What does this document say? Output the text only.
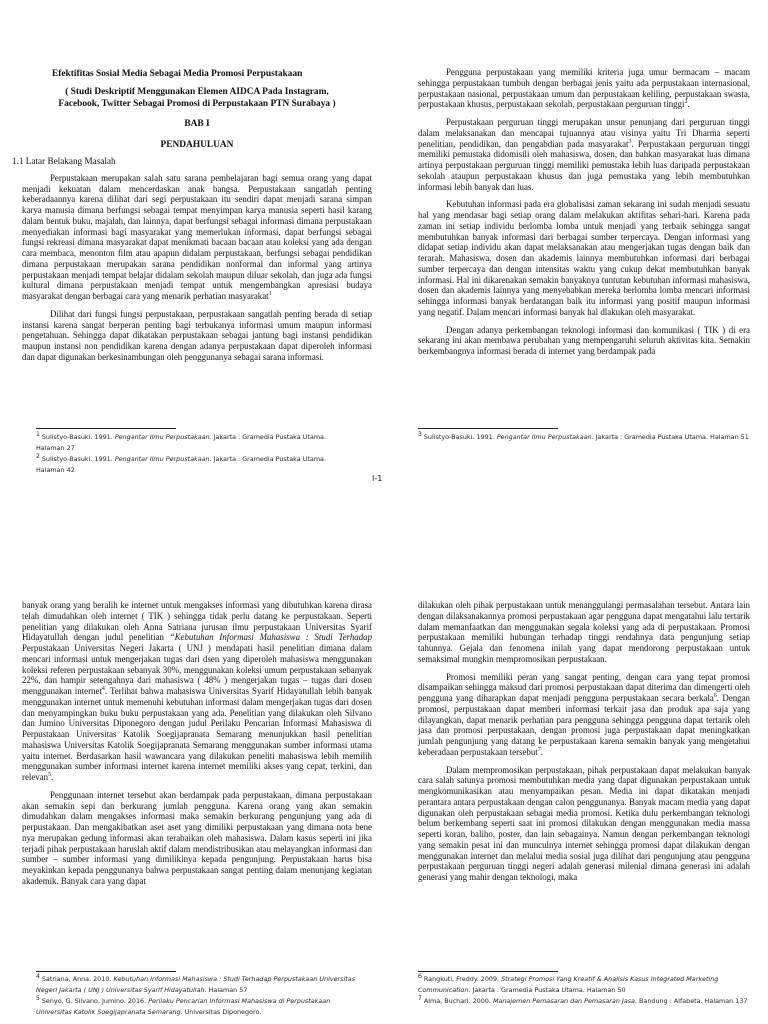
Efektifitas Sosial Media Sebagai Media Promosi Perpustakaan

( Studi Deskriptif Menggunakan Elemen AIDCA Pada Instagram,

Facebook, Twitter Sebagai Promosi di Perpustakaan PTN Surabaya )

BAB I

PENDAHULUAN

1.1 Latar Belakang Masalah

Perpustakaan merupakan salah satu sarana pembelajaran bagi semua orang yang dapat menjadi kekuatan dalam mencerdaskan anak bangsa. Perpustakaan sangatlah penting keberadaannya karena dilihat dari segi perpustakaan itu sendiri dapat menjadi sarana simpan karya manusia dimana berfungsi sebagai tempat menyimpan karya manusia seperti hasil karang dalam bentuk buku, majalah, dan lainnya, dapat berfungsi sebagai informasi dimana perpustakaan menyediakan informasi bagi masyarakat yang memerlukan informasi, dapat berfungsi sebagai fungsi rekreasi dimana masyarakat dapat menikmati bacaan bacaan atau koleksi yang ada dengan cara membaca, menonton film atau apapun didalam perpustakaan, berfungsi sebagai pendidikan dimana perpustakaan merupakan sarana pendidikan nonformal dan informal yang artinya perpustakaan menjadi tempat belajar didalam sekolah maupun diluar sekolah, dan juga ada fungsi kultural dimana perpustakaan menjadi tempat untuk mengembangkan apresiasi budaya masyarakat dengan berbagai cara yang menarik perhatian masyarakat$^1$

Dilihat dari fungsi fungsi perpustakaan, perpustakaan sangatlah penting berada di setiap instansi karena sangat berperan penting bagi terbukanya informasi umum maupun informasi pengetahuan. Sehingga dapat dikatakan perpustakaan sebagai jantung bagi instansi pendidikan maupun instansi non pendidikan karena dengan adanya perpustakaan dapat diperoleh informasi dan dapat digunakan berkesinambungan oleh penggunanya sebagai sarana informasi.

$^1$ Sulistyo-Basuki. 1991. Pengantar Ilmu Perpustakaan. Jakarta : Gramedia Pustaka Utama. Halaman 27
$^2$ Sulistyo-Basuki. 1991. Pengantar Ilmu Perpustakaan. Jakarta : Gramedia Pustaka Utama. Halaman 42

Pengguna perpustakaan yang memiliki kriteria juga umur bermacam – macam sehingga perpustakaan tumbuh dengan berbagai jenis yaitu ada perpustakaan internasional, perpustakaan nasional, perpustakaan umum dan perpustakaan keliling, perpustakaan swasta, perpustakaan khusus, perpustakaan sekolah, perpustakaan perguruan tinggi$^2$.

Perpustakaan perguruan tinggi merupakan unsur penunjang dari perguruan tinggi dalam melaksanakan dan mencapai tujuannya atau visinya yaitu Tri Dharma seperti penelitian, pendidikan, dan pengabdian pada masyarakat$^3$. Perpustakaan perguruan tinggi memiliki pemustaka didomisili oleh mahasiswa, dosen, dan bahkan masyarakat luas dimana artinya perpustakaan perguruan tinggi memiliki pemustaka lebih luas daripada perpustakaan sekolah ataupun perpustakaan khusus dan juga pemustaka yang lebih membutuhkan informasi lebih banyak dan luas.

Kebutuhan informasi pada era globalisasi zaman sekarang ini sudah menjadi sesuatu hal yang mendasar bagi setiap orang dalam melakukan aktifitas sehari-hari. Karena pada zaman ini setiap individu berlomba lomba untuk menjadi yang terbaik sehingga sangat membutuhkan banyak informasi dari berbagai sumber terpercaya. Dengan informasi yang didapat setiap individu akan dapat melaksanakan atau mengerjakan tugas dengan baik dan terarah. Mahasiswa, dosen dan akademis lainnya membutuhkan informasi dari berbagai sumber terpercaya dan dengan intensitas waktu yang cukup dekat membutuhkan banyak informasi. Hal ini dikarenakan semakin banyaknya tuntutan kebutuhan informasi mahasiswa, dosen dan akademis lainnya yang menyebabkan mereka berlomba lomba mencari informasi sehingga informasi banyak berdatangan baik itu informasi yang positif maupun informasi yang negatif. Dalam mencari informasi banyak hal dlakukan oleh masyarakat.

Dengan adanya perkembangan teknologi informasi dan komunikasi ( TIK ) di era sekarang ini akan membawa perubahan yang mempengaruhi seluruh aktivitas kita. Semakin berkembangnya informasi berada di internet yang berdampak pada

$^3$ Sulistyo-Basuki. 1991. Pengantar Ilmu Perpustakaan. Jakarta : Gramedia Pustaka Utama. Halaman 51
I-1

banyak orang yang beralih ke internet untuk mengakses informasi yang dibutuhkan karena dirasa telah dimudahkan oleh internet ( TIK ) sehingga tidak perlu datang ke perpustakaan. Seperti penelitian yang dilakukan oleh Anna Satriana jurusan ilmu perpustakaan Universitas Syarif Hidayatullah dengan judul penelitian “Kebutuhan Informasi Mahasiswa : Studi Terhadap Perpustakaan Universitas Negeri Jakarta ( UNJ ) mendapati hasil penelitian dimana dalam mencari informasi untuk mengerjakan tugas dari dsen yang diperoleh mahasiswa menggunakan koleksi referen perpustakaan sebanyak 30%, menggunakan koleksi umum perpustakaan sebanyak 22%, dan hampir setengahnya dari mahasiswa ( 48% ) mengerjakan tugas – tugas dari dosen menggunakan internet$^4$. Terlihat bahwa mahasiswa Universitas Syarif Hidayatullah lebih banyak menggunakan internet untuk memenuhi kebutuhan informasi dalam mengerjakan tugas dari dosen dan menyampingkan buku buku perpustakaan yang ada. Penelitian yang dilakukan oleh Silvano dan Jumino Universitas Diponegoro dengan judul Perilaku Pencarian Informasi Mahasiswa di Perpustakaan Universitas Katolik Soegijapranata Semarang menunjukkan hasil penelitian mahasiswa Universitas Katolik Soegijapranata Semarang menggunakan sumber informasi utama yaitu internet. Berdasarkan hasil wawancara yang dilakukan peneliti mahasiswa lebih memilih menggunakan sumber informasi internet karena internet memiliki akses yang cepat, terkini, dan relevan$^5$.

Penggunaan internet tersebut akan berdampak pada perpustakaan, dimana perpustakaan akan semakin sepi dan berkurang jumlah pengguna. Karena orang yang akan semakin dimudahkan dalam mengakses informasi maka semakin berkurang pengunjung yang ada di perpustakaan. Dan mengakibatkan aset aset yang dimiliki perpustakaan yang dimana nota bene nya merupakan gedung informasi akan terabaikan oleh mahasiswa. Dalam kasus seperti ini jika terjadi pihak perpustakaan haruslah aktif dalam mendistribusikan atau melayangkan informasi dan sumber – sumber informasi yang dimilikinya kepada pengunjung. Perpustakaan harus bisa meyakinkan kepada penggunanya bahwa perpustakaan sangat penting dalam menunjang kegiatan akademik. Banyak cara yang dapat

$^4$ Satriana, Anna. 2010. Kebutuhan Informasi Mahasiswa : Studi Terhadap Perpustakaan Universitas Negeri Jakarta ( UNJ ) Universitas Syarif Hidayatullah. Halaman 57
$^5$ Senyo, G. Silvano, Jumino. 2016. Perilaku Pencarian Informasi Mahasiswa di Perpustakaan Universitas Katolik Soegijapranata Semarang. Universitas Diponegoro.

dilakukan oleh pihak perpustakaan untuk menanggulangi permasalahan tersebut. Antara lain dengan dilaksanakannya promosi perpustakaan agar pengguna dapat mengatahui lalu tertarik dalam memanfaatkan dan menggunakan segala koleksi yang ada di perpustakaan. Promosi perpustakaan memiliki hubungan terhadap tinggi rendahnya data pengunjung setiap tahunnya. Gejala dan fenomena inilah yang dapat mendorong perpustakaan untuk semaksimal mungkin mempromosikan perpustakaan.

Promosi memiliki peran yang sangat penting, dengan cara yang tepat promosi disampaikan sehingga maksud dari promosi perpustakaan dapat diterima dan dimengerti oleh pengguna yang diharapkan dapat menjadi pengguna perpustakaan secara berkala$^6$. Dengan promosi, perpustakaan dapat memberi informasi terkait jasa dan produk apa saja yang dilayangkan, dapat menarik perhatian para pengguna sehingga pengguna dapat tertarik oleh jasa dan promosi perpustakaan, dengan promosi juga perpustakaan dapat meningkatkan jumlah pengunjung yang datang ke perpustakaan karena semakin banyak yang mengetahui keberadaan perpustakaan tersebut$^7$.

Dalam mempromosikan perpustakaan, pihak perpustakaan dapat melakukan banyak cara salah satunya promosi membutuhkan media yang dapat digunakan perpustakaan untuk mengkomunikasikan atau menyampaikan pesan. Media ini dapat dikatakan menjadi perantara antara perpustakaan dengan calon penggunanya. Banyak macam media yang dapat digunakan oleh perpustakaan sebagai media promosi. Ketika dulu perkembangan teknologi belum berkembang seperti saat ini promosi dilakukan dengan menggunakan media massa seperti koran, baliho, poster, dan lain sebagainya. Namun dengan perkembangan teknologi yang semakin pesat ini dan munculnya internet sehingga promosi dapat dilakukan dengan menggunakan internet dan melalui media sosial juga dilihat dari pengunjung atau pengguna perpustakaan perguruan tinggi negeri adalah generasi milenial dimana generasi ini adalah generasi yang mahir dengan teknologi, maka

$^6$ Rangkuti, Freddy. 2009. Strategi Promosi Yang Kreatif & Analisis Kasus Integrated Marketing Communication. Jakarta : Gramedia Pustaka Utama. Halaman 50
$^7$ Alma, Buchari. 2000. Manajemen Pemasaran dan Pemasaran Jasa. Bandung : Alfabeta. Halaman 137
